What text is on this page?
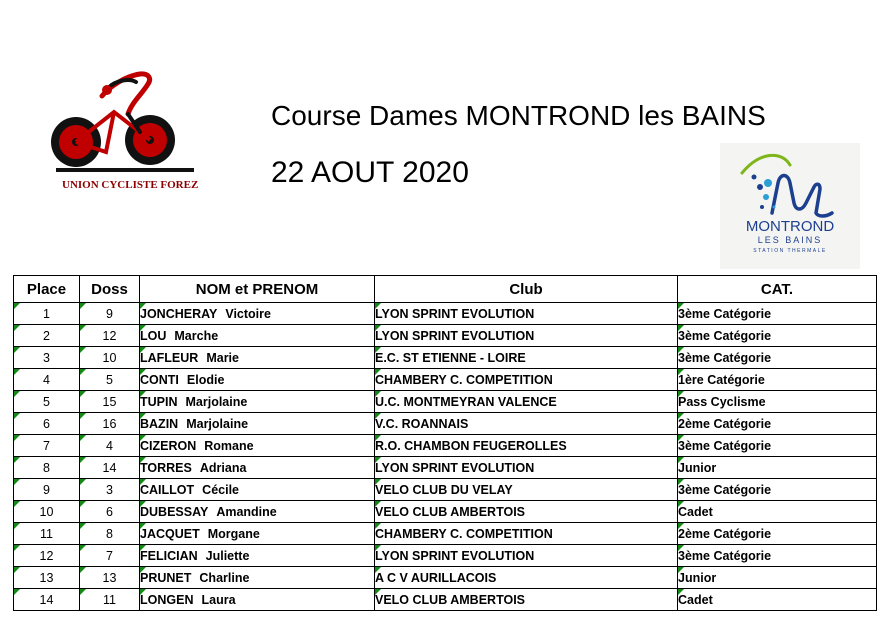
UNION CYCLISTE FOREZ
Course Dames MONTROND les BAINS
22 AOUT 2020
MONTROND
LES BAINS
STATION THERMALE
Place	Doss	NOM et PRENOM	Club	CAT.

1	9	JONCHERAY Victoire	LYON SPRINT EVOLUTION	3ème Catégorie

2	12	LOU Marche	LYON SPRINT EVOLUTION	3ème Catégorie

3	10	LAFLEUR Marie	E.C. ST ETIENNE - LOIRE	3ème Catégorie

4	5	CONTI Elodie	CHAMBERY C. COMPETITION	1ère Catégorie

5	15	TUPIN Marjolaine	U.C. MONTMEYRAN VALENCE	Pass Cyclisme

6	16	BAZIN Marjolaine	V.C. ROANNAIS	2ème Catégorie

7	4	CIZERON Romane	R.O. CHAMBON FEUGEROLLES	3ème Catégorie

8	14	TORRES Adriana	LYON SPRINT EVOLUTION	Junior

9	3	CAILLOT Cécile	VELO CLUB DU VELAY	3ème Catégorie

10	6	DUBESSAY Amandine	VELO CLUB AMBERTOIS	Cadet

11	8	JACQUET Morgane	CHAMBERY C. COMPETITION	2ème Catégorie

12	7	FELICIAN Juliette	LYON SPRINT EVOLUTION	3ème Catégorie

13	13	PRUNET Charline	A C V AURILLACOIS	Junior

14	11	LONGEN Laura	VELO CLUB AMBERTOIS	Cadet
